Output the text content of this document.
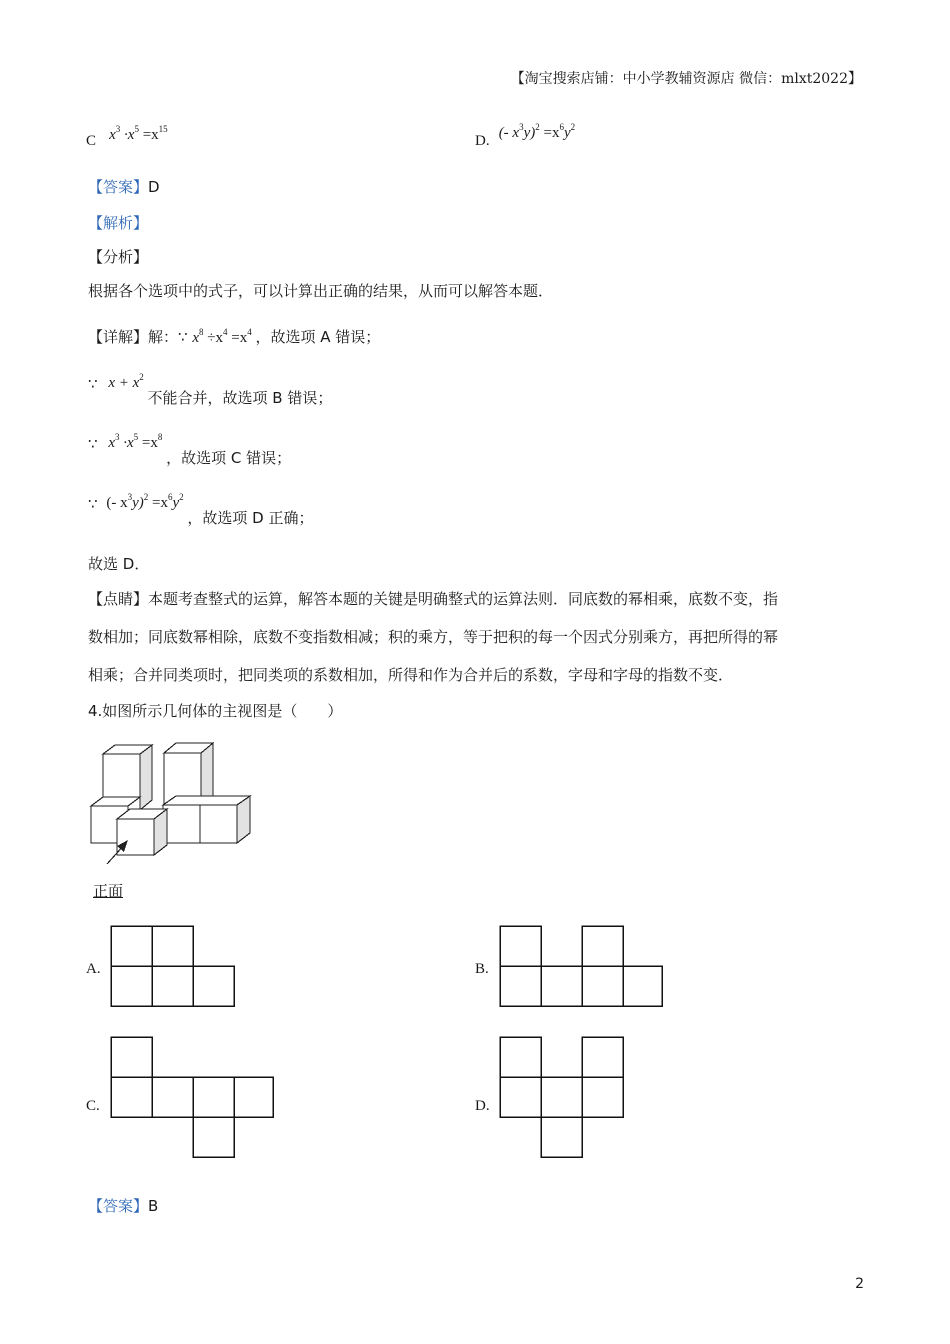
【淘宝搜索店铺：中小学教辅资源店 微信：mlxt2022】
C $x^3 \cdot x^5 =x^{15}$
D. (- $x^3y)^2 =x^6y^2$
【答案】D
【解析】
【分析】
根据各个选项中的式子，可以计算出正确的结果，从而可以解答本题．
【详解】解：∵ $x^8 \div x^4 =x^4$ ，故选项 A 错误；
∵ $x + x^2$ 不能合并，故选项 B 错误；
∵ $x^3 \cdot x^5 =x^8$ ，故选项 C 错误；
∵ (- $x^3y)^2 =x^6y^2$ ，故选项 D 正确；
故选 D．
【点睛】本题考查整式的运算，解答本题的关键是明确整式的运算法则．同底数的幂相乘，底数不变，指
数相加；同底数幂相除，底数不变指数相减；积的乘方，等于把积的每一个因式分别乘方，再把所得的幂
相乘；合并同类项时，把同类项的系数相加，所得和作为合并后的系数，字母和字母的指数不变．
4.如图所示几何体的主视图是（　　）
正面
A.	B.
C.	D.
【答案】B
2
